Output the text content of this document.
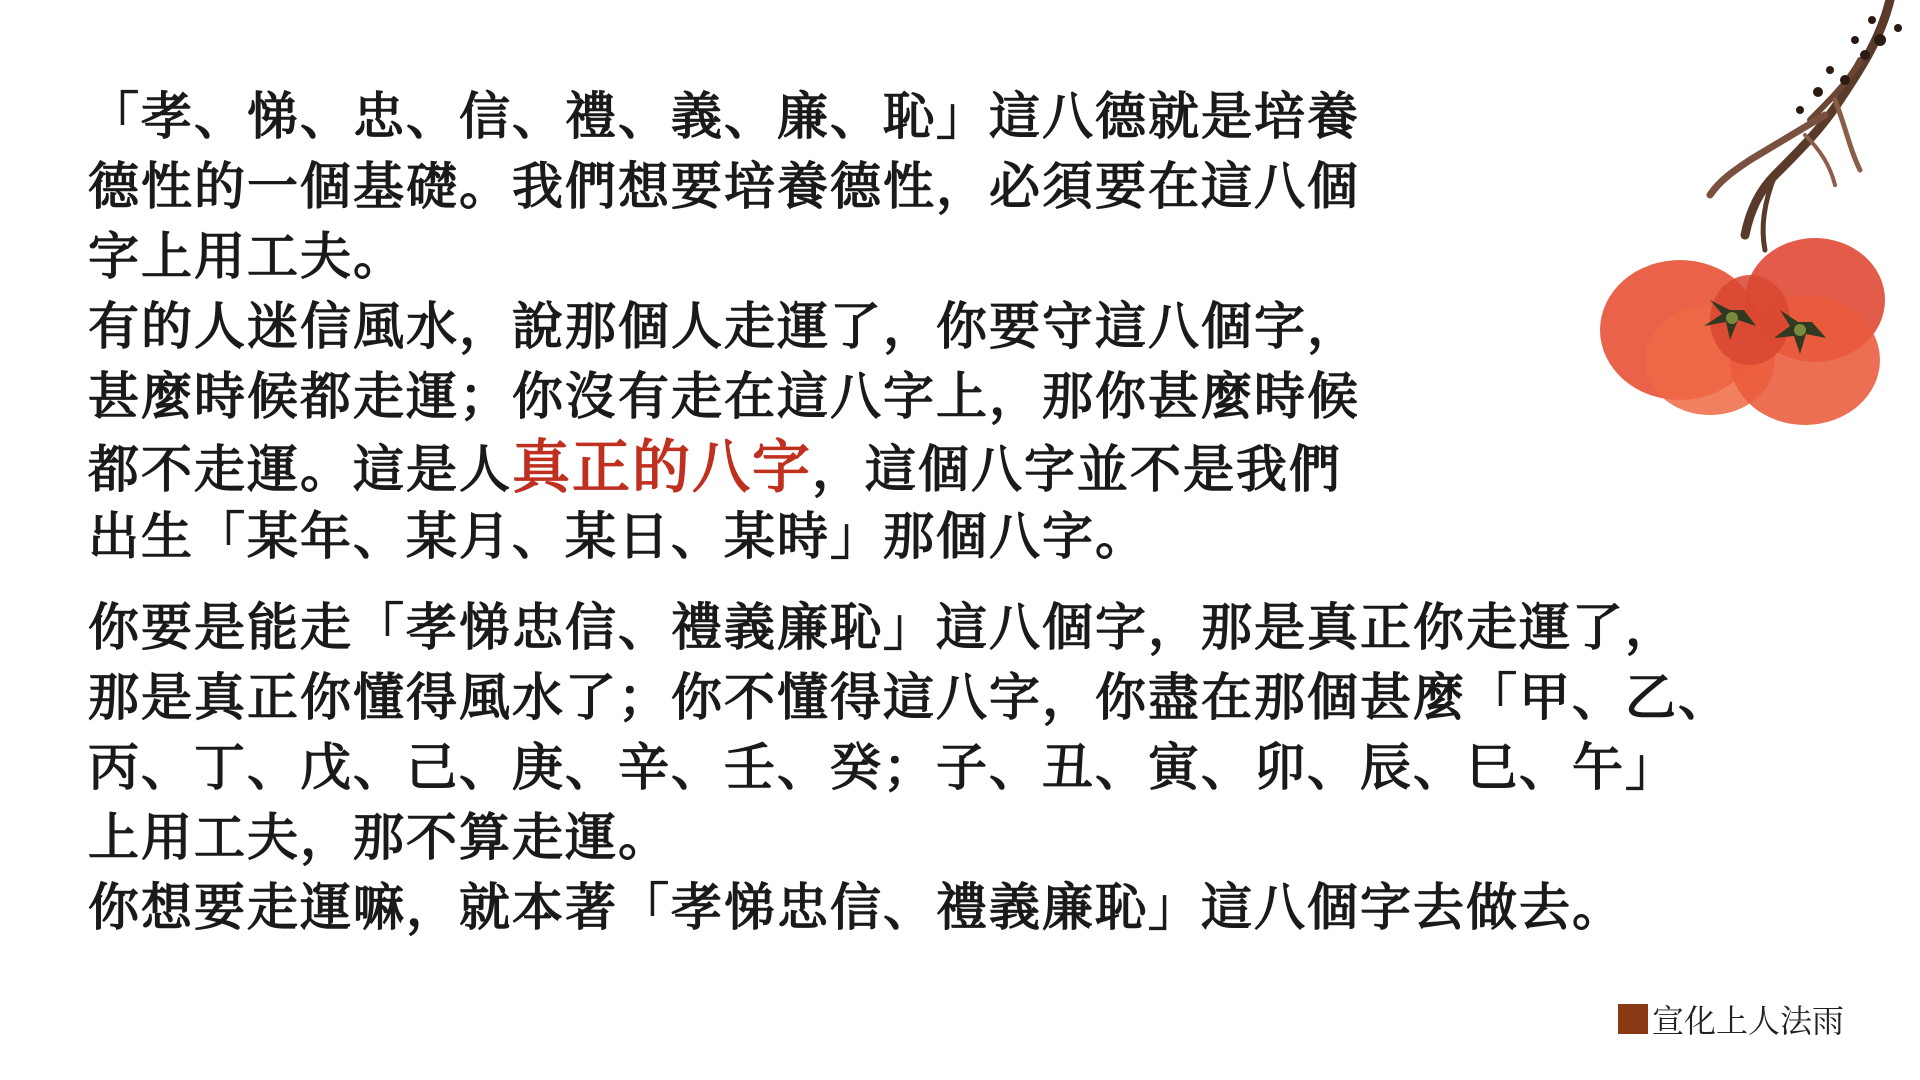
「孝、悌、忠、信、禮、義、廉、恥」這八德就是培養
德性的一個基礎。我們想要培養德性，必須要在這八個
字上用工夫。
有的人迷信風水，說那個人走運了，你要守這八個字，
甚麼時候都走運；你沒有走在這八字上，那你甚麼時候
都不走運。這是人真正的八字，這個八字並不是我們
出生「某年、某月、某日、某時」那個八字。
你要是能走「孝悌忠信、禮義廉恥」這八個字，那是真正你走運了，
那是真正你懂得風水了；你不懂得這八字，你盡在那個甚麼「甲、乙、
丙、丁、戊、己、庚、辛、壬、癸；子、丑、寅、卯、辰、巳、午」
上用工夫，那不算走運。
你想要走運嘛，就本著「孝悌忠信、禮義廉恥」這八個字去做去。
宣化上人法雨
